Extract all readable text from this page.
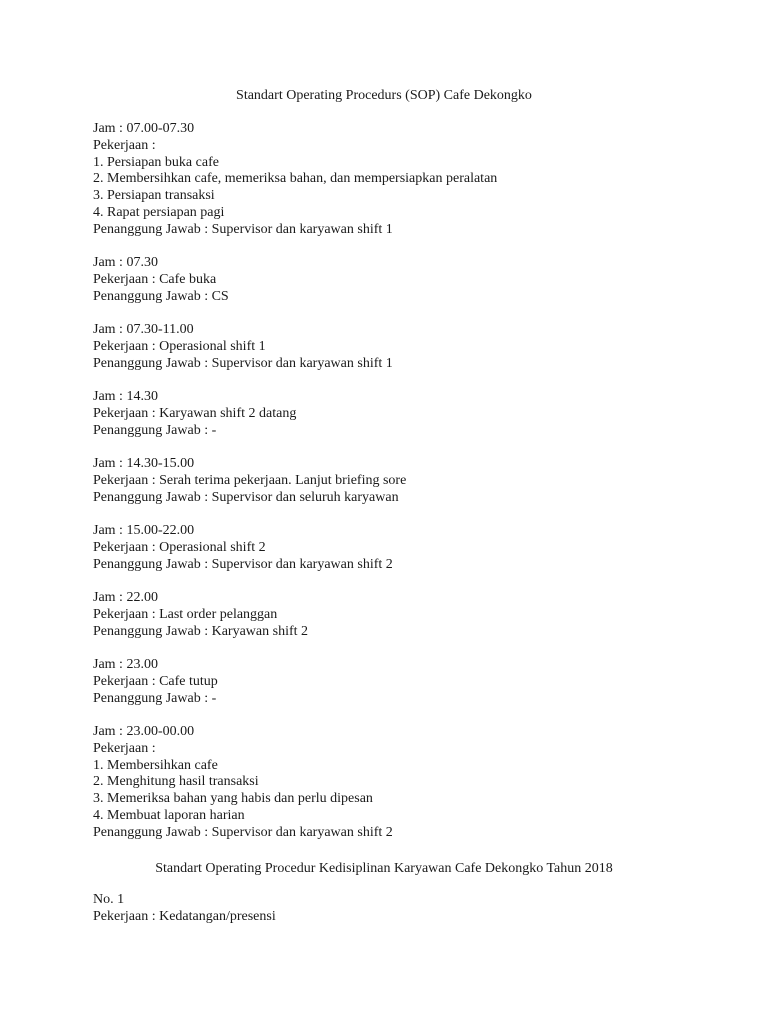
Standart Operating Procedurs (SOP) Cafe Dekongko
Jam : 07.00-07.30
Pekerjaan :
1. Persiapan buka cafe
2. Membersihkan cafe, memeriksa bahan, dan mempersiapkan peralatan
3. Persiapan transaksi
4. Rapat persiapan pagi
Penanggung Jawab : Supervisor dan karyawan shift 1
Jam : 07.30
Pekerjaan : Cafe buka
Penanggung Jawab : CS
Jam : 07.30-11.00
Pekerjaan : Operasional shift 1
Penanggung Jawab : Supervisor dan karyawan shift 1
Jam : 14.30
Pekerjaan : Karyawan shift 2 datang
Penanggung Jawab : -
Jam : 14.30-15.00
Pekerjaan : Serah terima pekerjaan. Lanjut briefing sore
Penanggung Jawab : Supervisor dan seluruh karyawan
Jam : 15.00-22.00
Pekerjaan : Operasional shift 2
Penanggung Jawab : Supervisor dan karyawan shift 2
Jam : 22.00
Pekerjaan : Last order pelanggan
Penanggung Jawab : Karyawan shift 2
Jam : 23.00
Pekerjaan : Cafe tutup
Penanggung Jawab : -
Jam : 23.00-00.00
Pekerjaan :
1. Membersihkan cafe
2. Menghitung hasil transaksi
3. Memeriksa bahan yang habis dan perlu dipesan
4. Membuat laporan harian
Penanggung Jawab : Supervisor dan karyawan shift 2
Standart Operating Procedur Kedisiplinan Karyawan Cafe Dekongko Tahun 2018
No. 1
Pekerjaan : Kedatangan/presensi
